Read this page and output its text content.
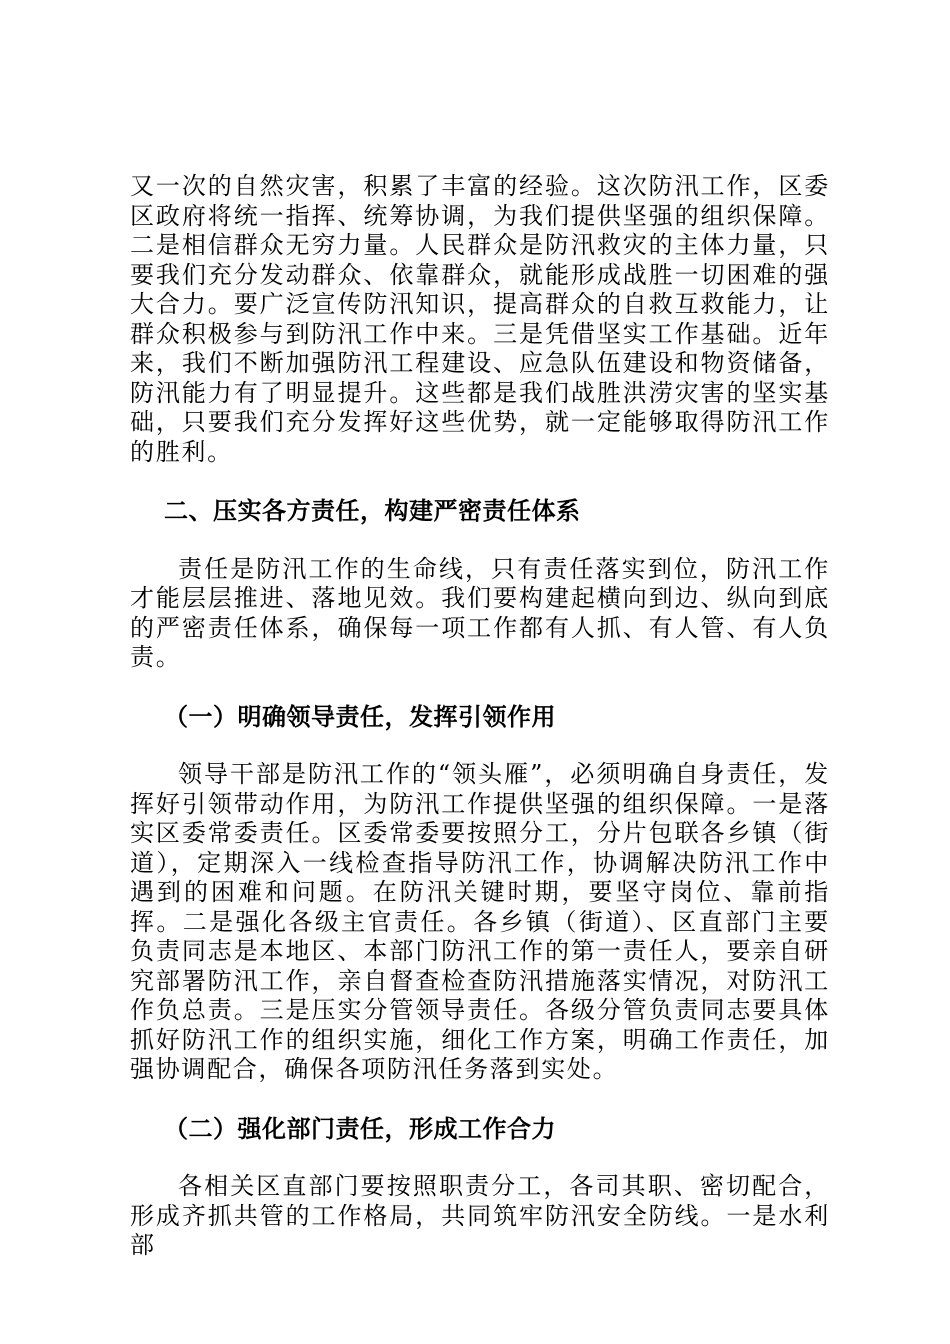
又一次的自然灾害，积累了丰富的经验。这次防汛工作，区委区政府将统一指挥、统筹协调，为我们提供坚强的组织保障。二是相信群众无穷力量。人民群众是防汛救灾的主体力量，只要我们充分发动群众、依靠群众，就能形成战胜一切困难的强大合力。要广泛宣传防汛知识，提高群众的自救互救能力，让群众积极参与到防汛工作中来。三是凭借坚实工作基础。近年来，我们不断加强防汛工程建设、应急队伍建设和物资储备，防汛能力有了明显提升。这些都是我们战胜洪涝灾害的坚实基础，只要我们充分发挥好这些优势，就一定能够取得防汛工作的胜利。

二、压实各方责任，构建严密责任体系

责任是防汛工作的生命线，只有责任落实到位，防汛工作才能层层推进、落地见效。我们要构建起横向到边、纵向到底的严密责任体系，确保每一项工作都有人抓、有人管、有人负责。

（一）明确领导责任，发挥引领作用

领导干部是防汛工作的“领头雁”，必须明确自身责任，发挥好引领带动作用，为防汛工作提供坚强的组织保障。一是落实区委常委责任。区委常委要按照分工，分片包联各乡镇（街道），定期深入一线检查指导防汛工作，协调解决防汛工作中遇到的困难和问题。在防汛关键时期，要坚守岗位、靠前指挥。二是强化各级主官责任。各乡镇（街道）、区直部门主要负责同志是本地区、本部门防汛工作的第一责任人，要亲自研究部署防汛工作，亲自督查检查防汛措施落实情况，对防汛工作负总责。三是压实分管领导责任。各级分管负责同志要具体抓好防汛工作的组织实施，细化工作方案，明确工作责任，加强协调配合，确保各项防汛任务落到实处。

（二）强化部门责任，形成工作合力

各相关区直部门要按照职责分工，各司其职、密切配合，形成齐抓共管的工作格局，共同筑牢防汛安全防线。一是水利部
